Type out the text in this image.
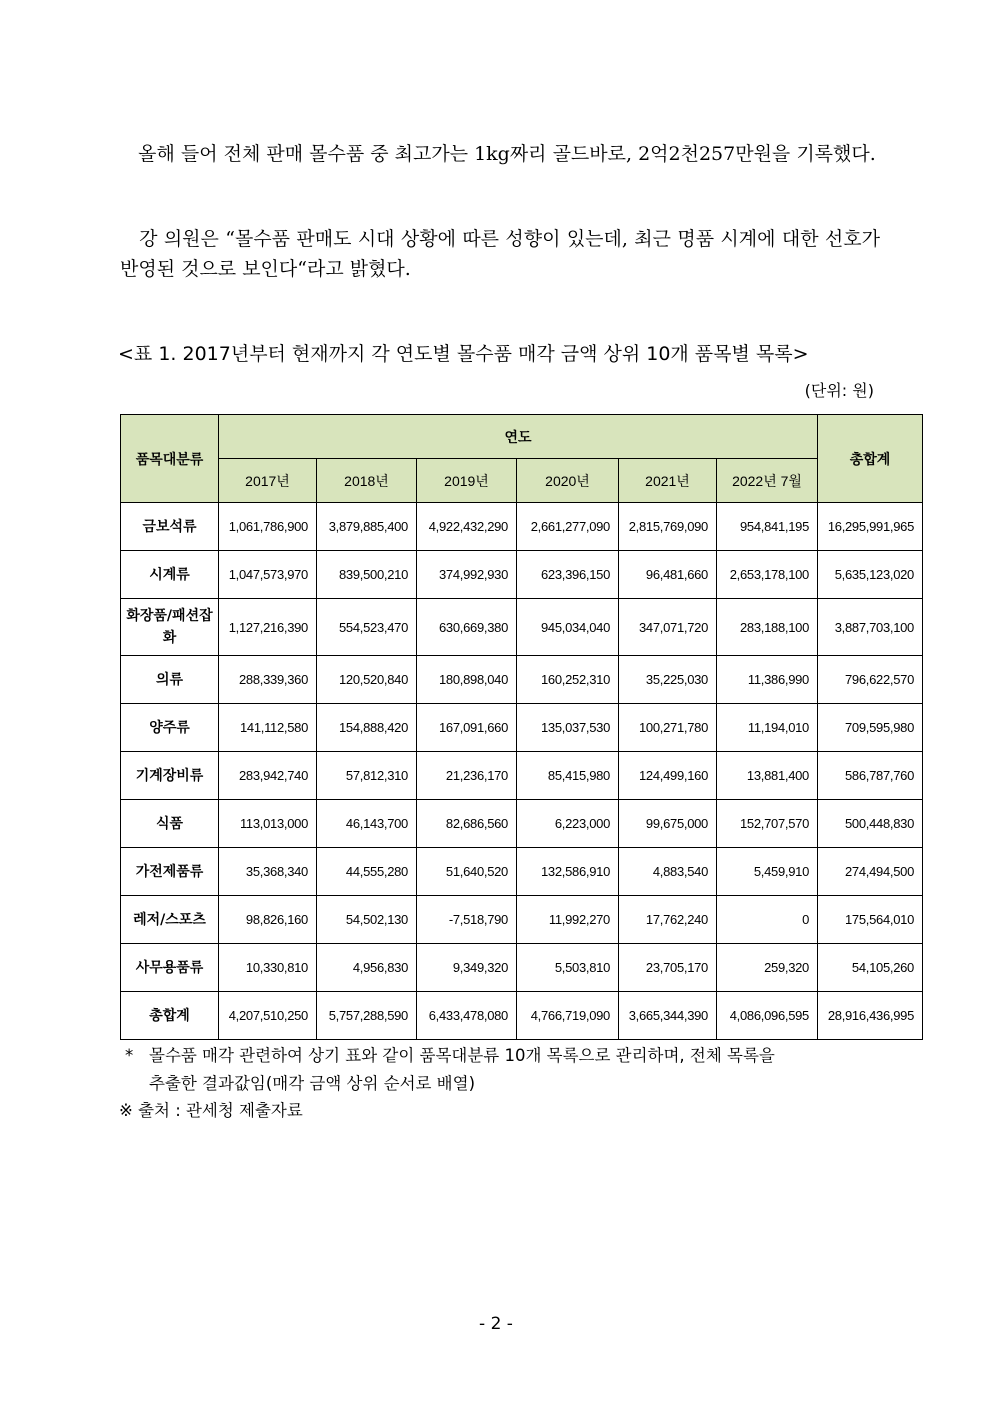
올해 들어 전체 판매 몰수품 중 최고가는 1kg짜리 골드바로, 2억2천257만원을 기록했다.

강 의원은 “몰수품 판매도 시대 상황에 따른 성향이 있는데, 최근 명품 시계에 대한 선호가 반영된 것으로 보인다“라고 밝혔다.

<표 1. 2017년부터 현재까지 각 연도별 몰수품 매각 금액 상위 10개 품목별 목록>
(단위: 원)
품목대분류	연도						총합계
	2017년	2018년	2019년	2020년	2021년	2022년 7월	
금보석류	1,061,786,900	3,879,885,400	4,922,432,290	2,661,277,090	2,815,769,090	954,841,195	16,295,991,965
시계류	1,047,573,970	839,500,210	374,992,930	623,396,150	96,481,660	2,653,178,100	5,635,123,020
화장품/패션잡화	1,127,216,390	554,523,470	630,669,380	945,034,040	347,071,720	283,188,100	3,887,703,100
의류	288,339,360	120,520,840	180,898,040	160,252,310	35,225,030	11,386,990	796,622,570
양주류	141,112,580	154,888,420	167,091,660	135,037,530	100,271,780	11,194,010	709,595,980
기계장비류	283,942,740	57,812,310	21,236,170	85,415,980	124,499,160	13,881,400	586,787,760
식품	113,013,000	46,143,700	82,686,560	6,223,000	99,675,000	152,707,570	500,448,830
가전제품류	35,368,340	44,555,280	51,640,520	132,586,910	4,883,540	5,459,910	274,494,500
레저/스포츠	98,826,160	54,502,130	-7,518,790	11,992,270	17,762,240	0	175,564,010
사무용품류	10,330,810	4,956,830	9,349,320	5,503,810	23,705,170	259,320	54,105,260
총합계	4,207,510,250	5,757,288,590	6,433,478,080	4,766,719,090	3,665,344,390	4,086,096,595	28,916,436,995
* 몰수품 매각 관련하여 상기 표와 같이 품목대분류 10개 목록으로 관리하며, 전체 목록을
추출한 결과값임(매각 금액 상위 순서로 배열)
※ 출처 : 관세청 제출자료
- 2 -
